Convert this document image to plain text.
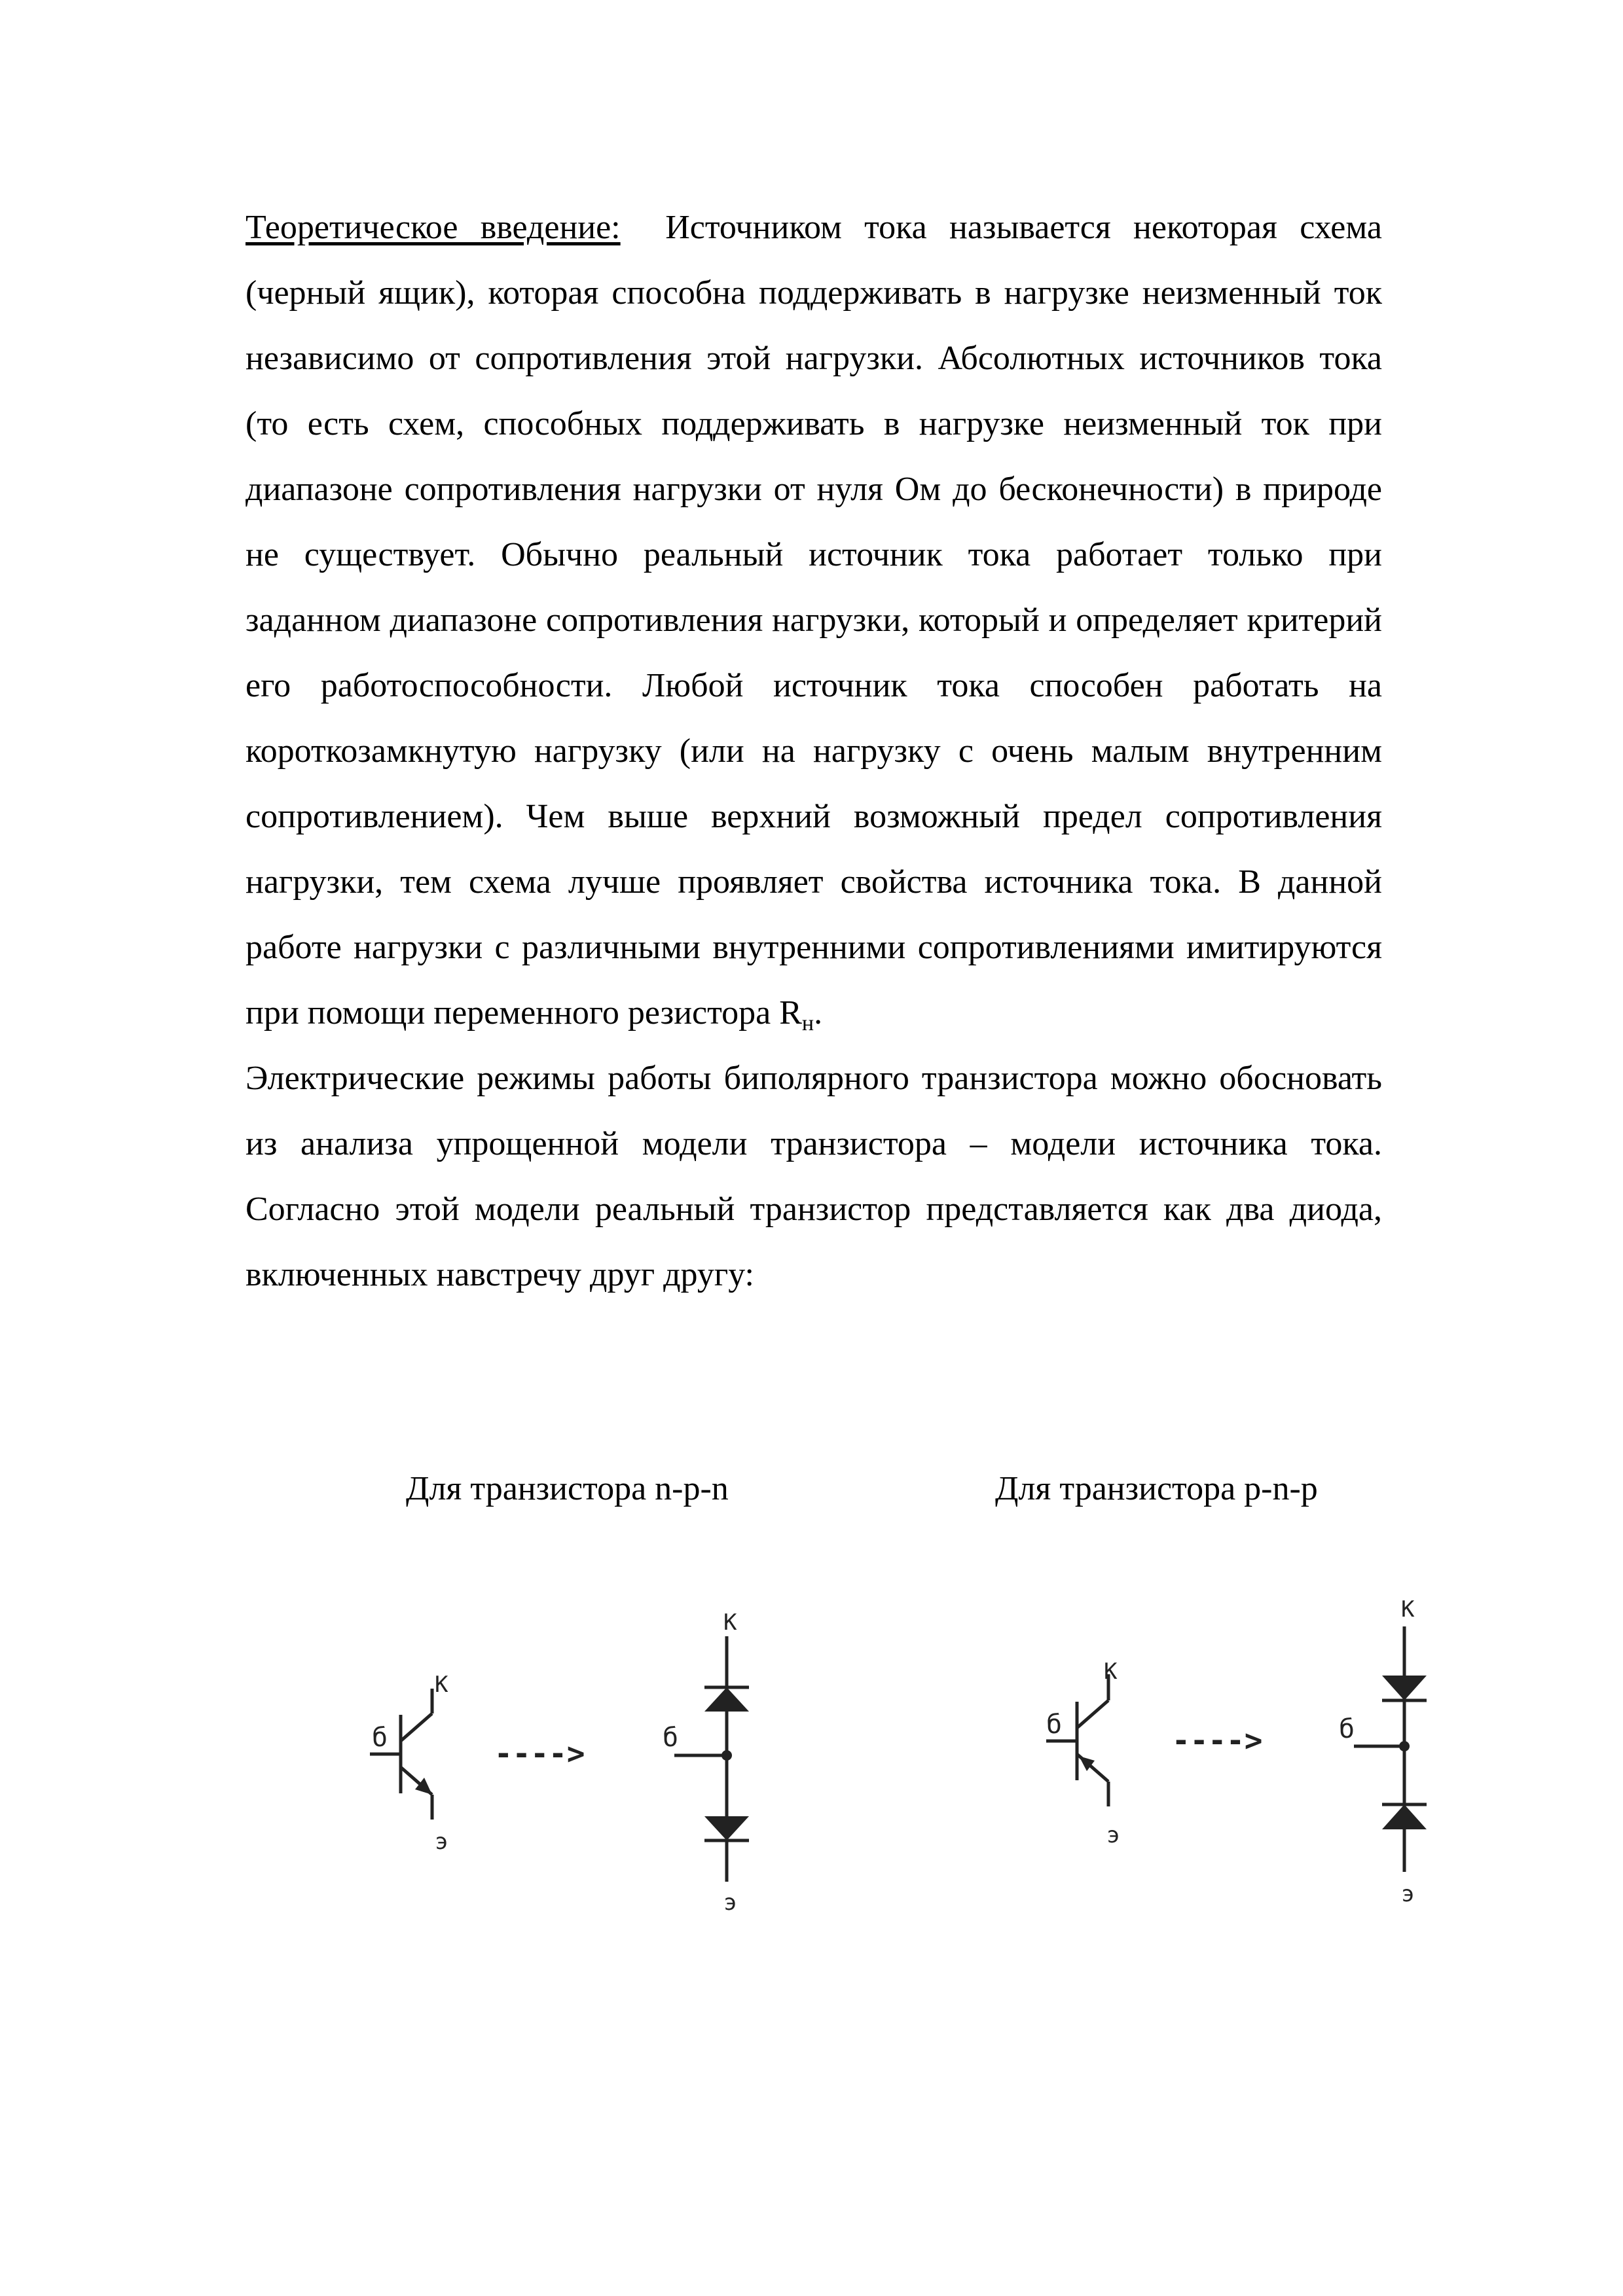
Теоретическое введение: Источником тока называется некоторая схема (черный ящик), которая способна поддерживать в нагрузке неизменный ток независимо от сопротивления этой нагрузки. Абсолютных источников тока (то есть схем, способных поддерживать в нагрузке неизменный ток при диапазоне сопротивления нагрузки от нуля Ом до бесконечности) в природе не существует. Обычно реальный источник тока работает только при заданном диапазоне сопротивления нагрузки, который и определяет критерий его работоспособности. Любой источник тока способен работать на короткозамкнутую нагрузку (или на нагрузку с очень малым внутренним сопротивлением). Чем выше верхний возможный предел сопротивления нагрузки, тем схема лучше проявляет свойства источника тока. В данной работе нагрузки с различными внутренними сопротивлениями имитируются при помощи переменного резистора $R_н$.

Электрические режимы работы биполярного транзистора можно обосновать из анализа упрощенной модели транзистора – модели источника тока. Согласно этой модели реальный транзистор представляется как два диода, включенных навстречу друг другу:

Для транзистора n-p-n	Для транзистора p-n-p
К
б
э
---->
К
б
э
К
б
э
---->
К
б
э
